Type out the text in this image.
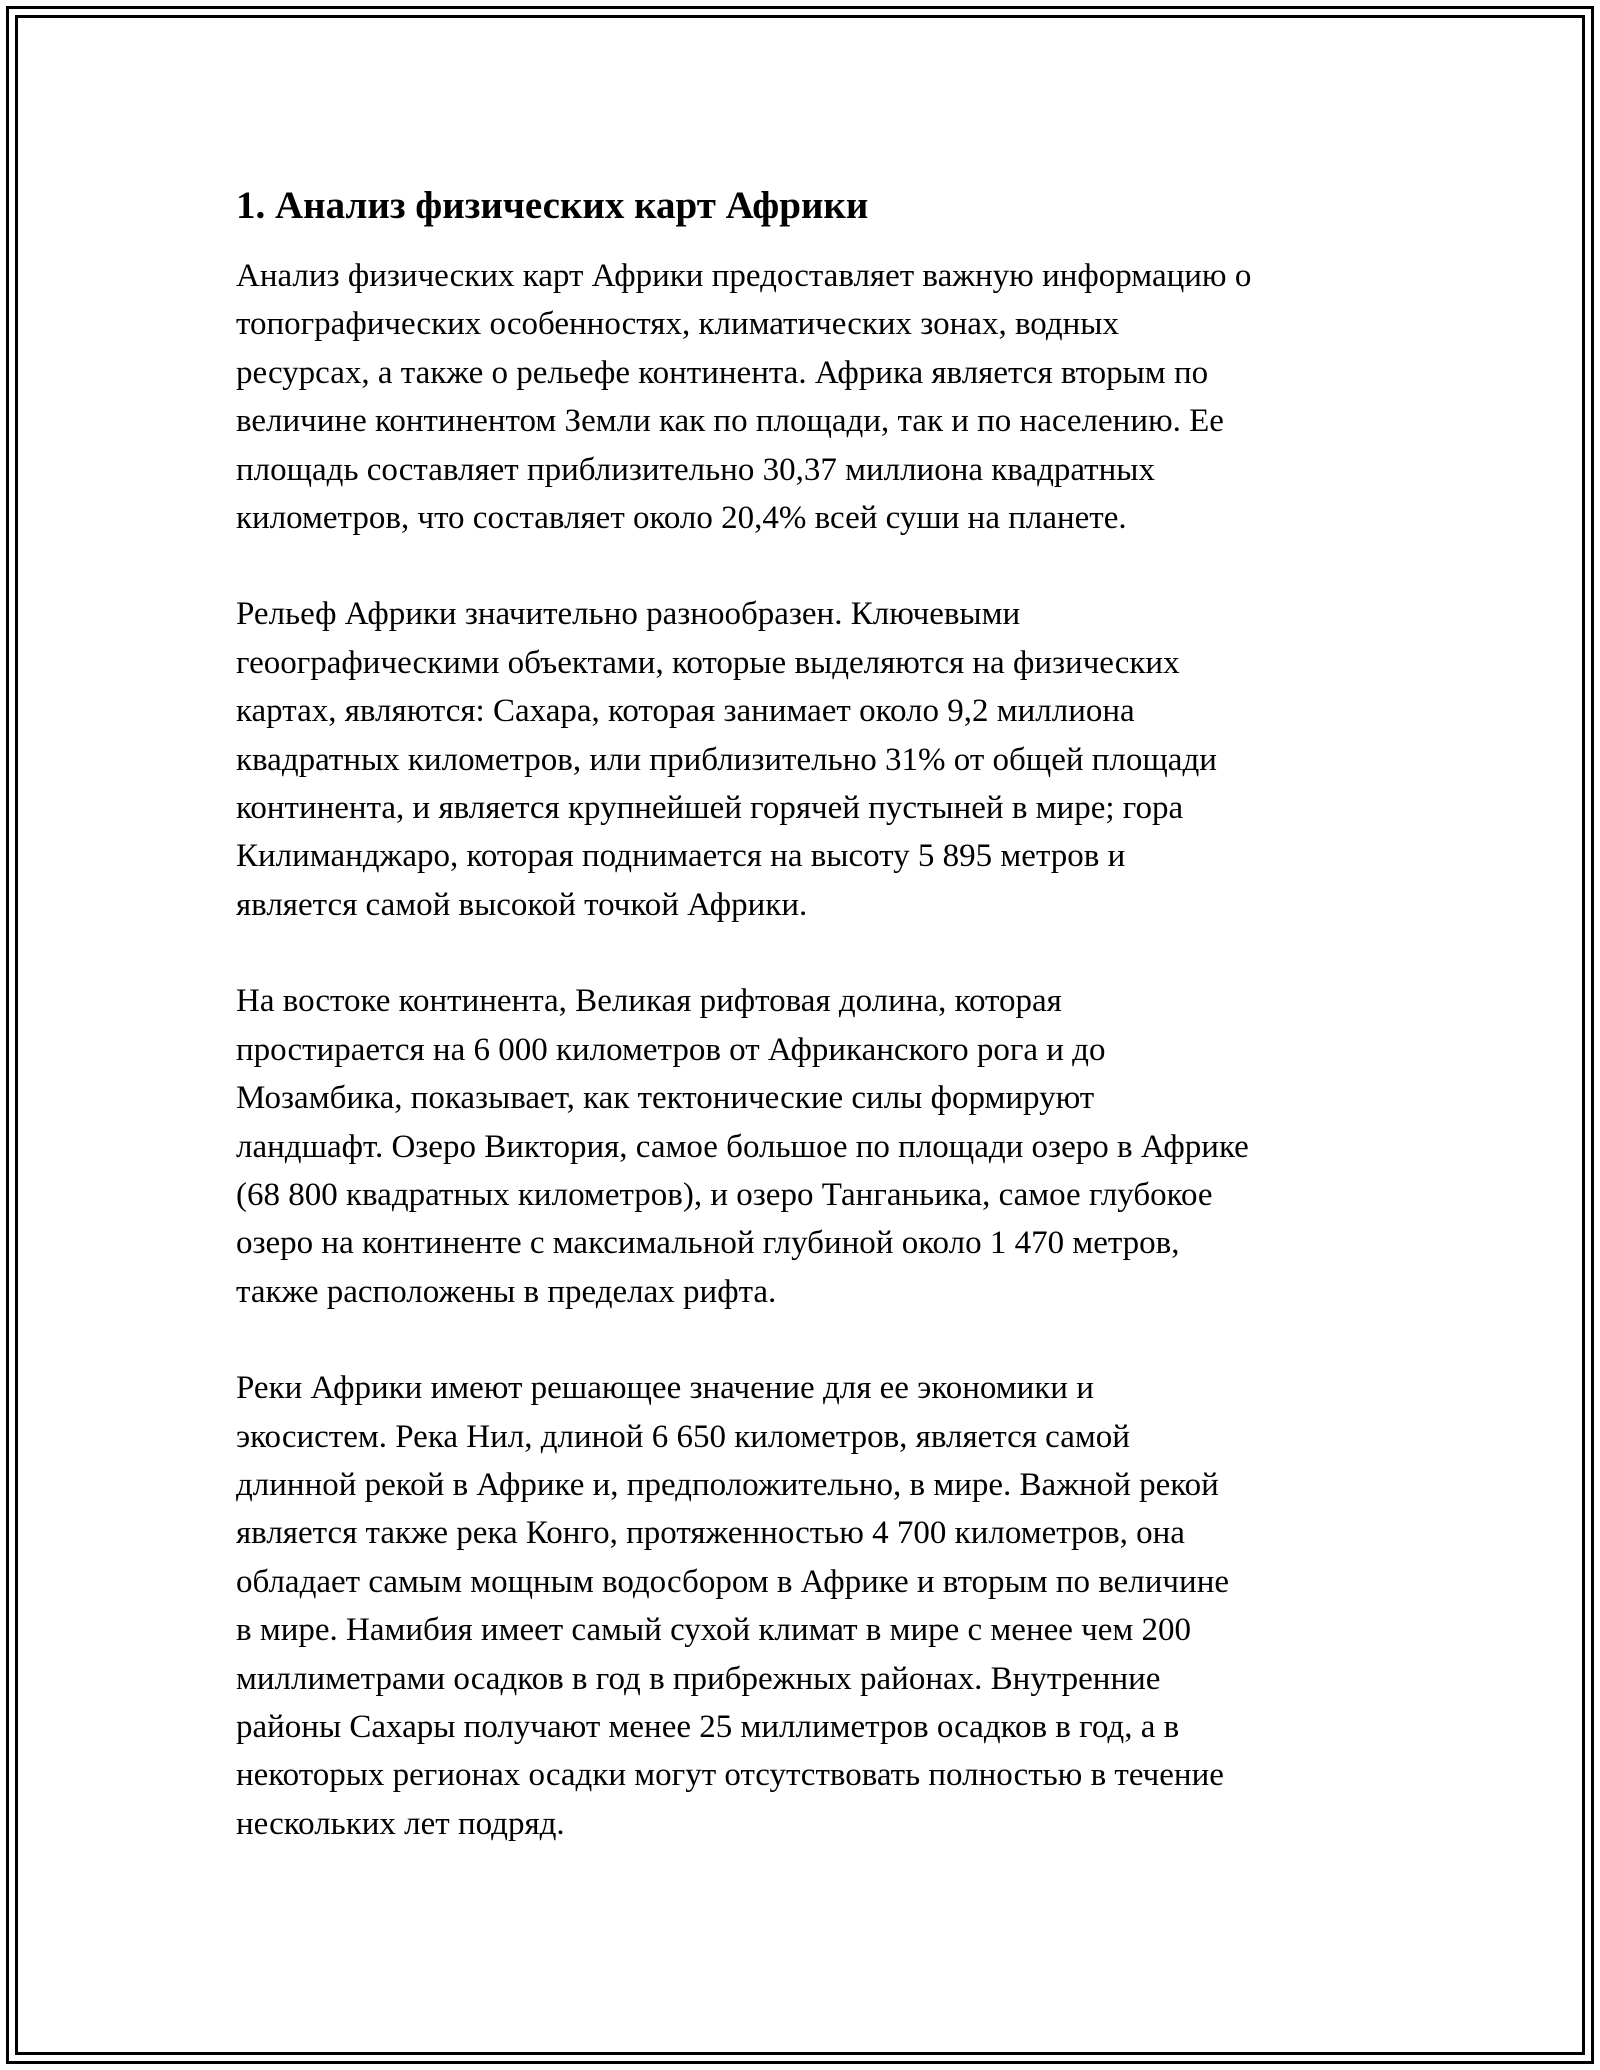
1. Анализ физических карт Африки

Анализ физических карт Африки предоставляет важную информацию о
топографических особенностях, климатических зонах, водных
ресурсах, а также о рельефе континента. Африка является вторым по
величине континентом Земли как по площади, так и по населению. Ее
площадь составляет приблизительно 30,37 миллиона квадратных
километров, что составляет около 20,4% всей суши на планете.

Рельеф Африки значительно разнообразен. Ключевыми
геоографическими объектами, которые выделяются на физических
картах, являются: Сахара, которая занимает около 9,2 миллиона
квадратных километров, или приблизительно 31% от общей площади
континента, и является крупнейшей горячей пустыней в мире; гора
Килиманджаро, которая поднимается на высоту 5 895 метров и
является самой высокой точкой Африки.

На востоке континента, Великая рифтовая долина, которая
простирается на 6 000 километров от Африканского рога и до
Мозамбика, показывает, как тектонические силы формируют
ландшафт. Озеро Виктория, самое большое по площади озеро в Африке
(68 800 квадратных километров), и озеро Танганьика, самое глубокое
озеро на континенте с максимальной глубиной около 1 470 метров,
также расположены в пределах рифта.

Реки Африки имеют решающее значение для ее экономики и
экосистем. Река Нил, длиной 6 650 километров, является самой
длинной рекой в Африке и, предположительно, в мире. Важной рекой
является также река Конго, протяженностью 4 700 километров, она
обладает самым мощным водосбором в Африке и вторым по величине
в мире. Намибия имеет самый сухой климат в мире с менее чем 200
миллиметрами осадков в год в прибрежных районах. Внутренние
районы Сахары получают менее 25 миллиметров осадков в год, а в
некоторых регионах осадки могут отсутствовать полностью в течение
нескольких лет подряд.
